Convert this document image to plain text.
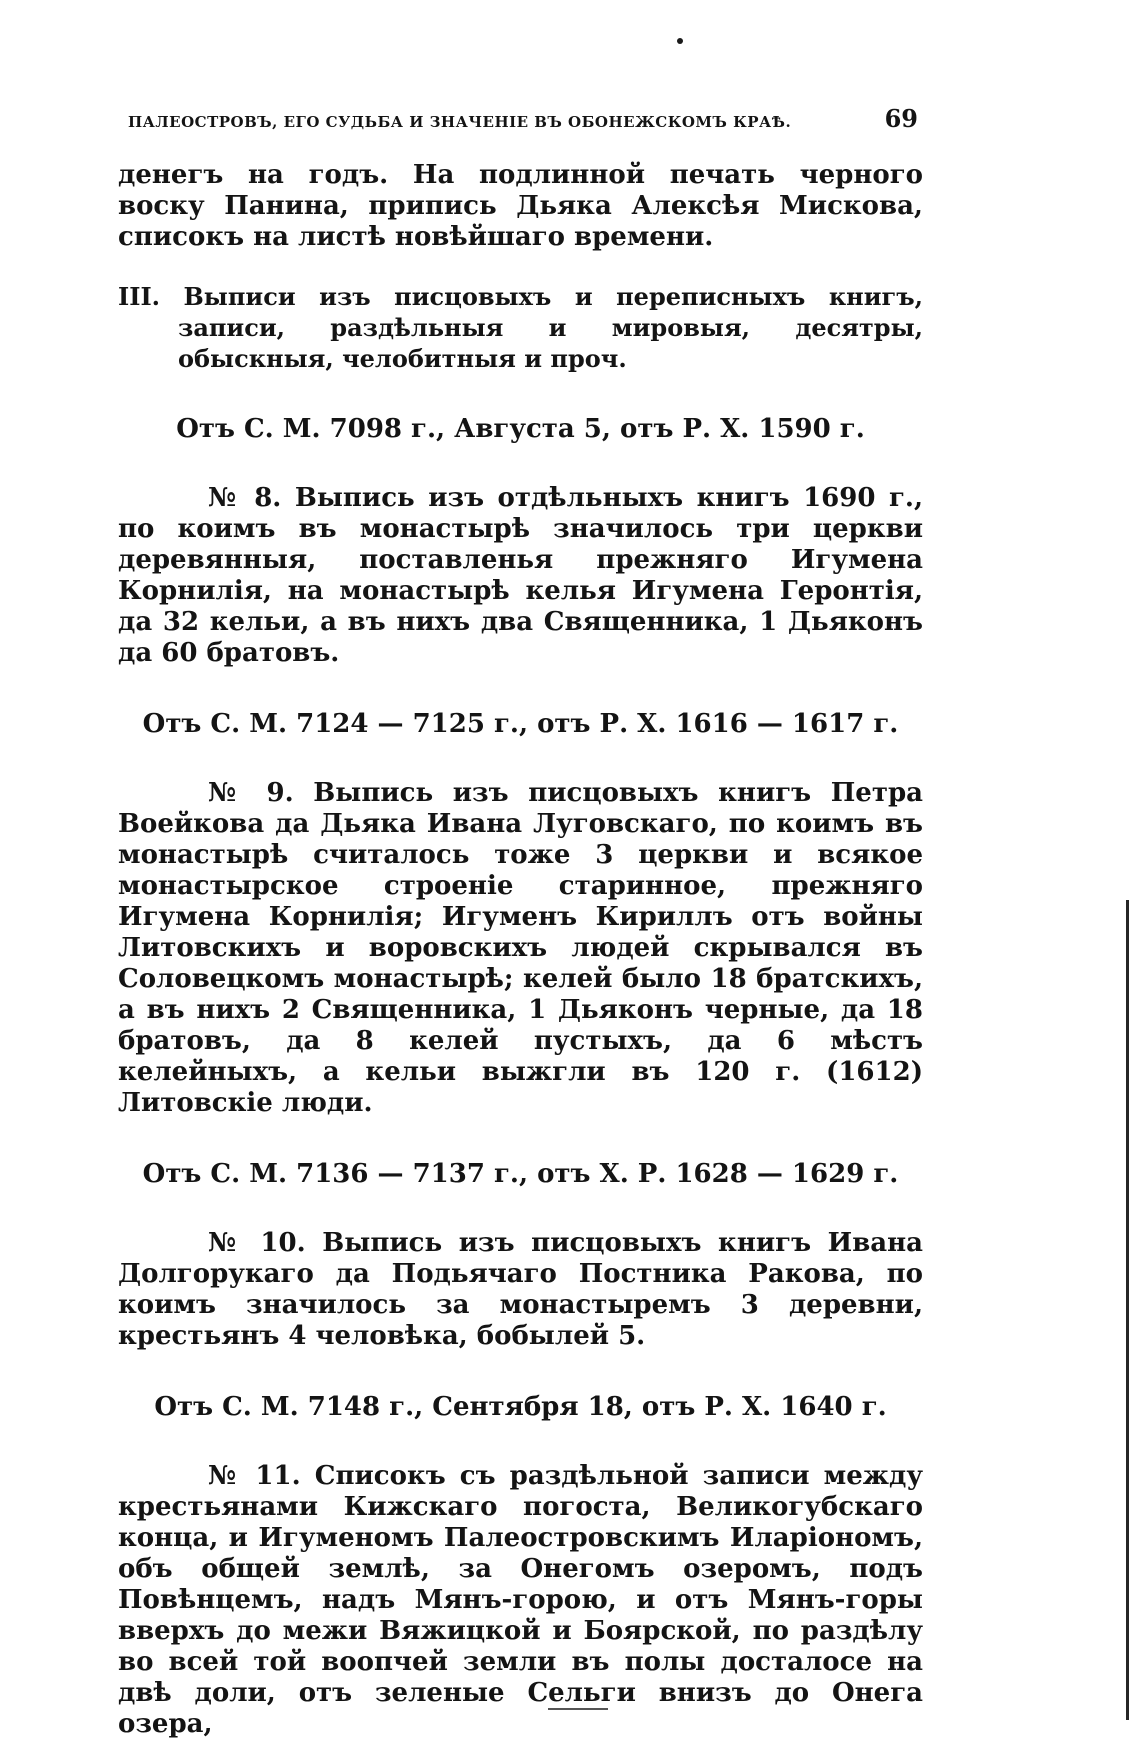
ПАЛЕОСТРОВЪ, ЕГО СУДЬБА И ЗНАЧЕНІЕ ВЪ ОБОНЕЖСКОМЪ КРАѢ.	69

денегъ на годъ. На подлинной печать черного воску Панина, припись Дьяка Алексѣя Мискова, списокъ на листѣ новѣйшаго времени.

III. Выписи изъ писцовыхъ и переписныхъ книгъ, записи, раздѣльныя и мировыя, десятры, обыскныя, челобитныя и проч.

Отъ С. М. 7098 г., Августа 5, отъ Р. Х. 1590 г.

№ 8. Выпись изъ отдѣльныхъ книгъ 1690 г., по коимъ въ монастырѣ значилось три церкви деревянныя, поставленья прежняго Игумена Корнилія, на монастырѣ келья Игумена Геронтія, да 32 кельи, а въ нихъ два Священника, 1 Дьяконъ да 60 братовъ.

Отъ С. М. 7124 — 7125 г., отъ Р. Х. 1616 — 1617 г.

№ 9. Выпись изъ писцовыхъ книгъ Петра Воейкова да Дьяка Ивана Луговскаго, по коимъ въ монастырѣ считалось тоже 3 церкви и всякое монастырское строеніе старинное, прежняго Игумена Корнилія; Игуменъ Кириллъ отъ войны Литовскихъ и воровскихъ людей скрывался въ Соловецкомъ монастырѣ; келей было 18 братскихъ, а въ нихъ 2 Священника, 1 Дьяконъ черные, да 18 братовъ, да 8 келей пустыхъ, да 6 мѣстъ келейныхъ, а кельи выжгли въ 120 г. (1612) Литовскіе люди.

Отъ С. М. 7136 — 7137 г., отъ Х. Р. 1628 — 1629 г.

№ 10. Выпись изъ писцовыхъ книгъ Ивана Долгорукаго да Подьячаго Постника Ракова, по коимъ значилось за монастыремъ 3 деревни, крестьянъ 4 человѣка, бобылей 5.

Отъ С. М. 7148 г., Сентября 18, отъ Р. Х. 1640 г.

№ 11. Списокъ съ раздѣльной записи между крестьянами Кижскаго погоста, Великогубскаго конца, и Игуменомъ Палеостровскимъ Иларіономъ, объ общей землѣ, за Онегомъ озеромъ, подъ Повѣнцемъ, надъ Мянъ-горою, и отъ Мянъ-горы вверхъ до межи Вяжицкой и Боярской, по раздѣлу во всей той воопчей земли въ полы досталосе на двѣ доли, отъ зеленые Сельги внизъ до Онега озера,
